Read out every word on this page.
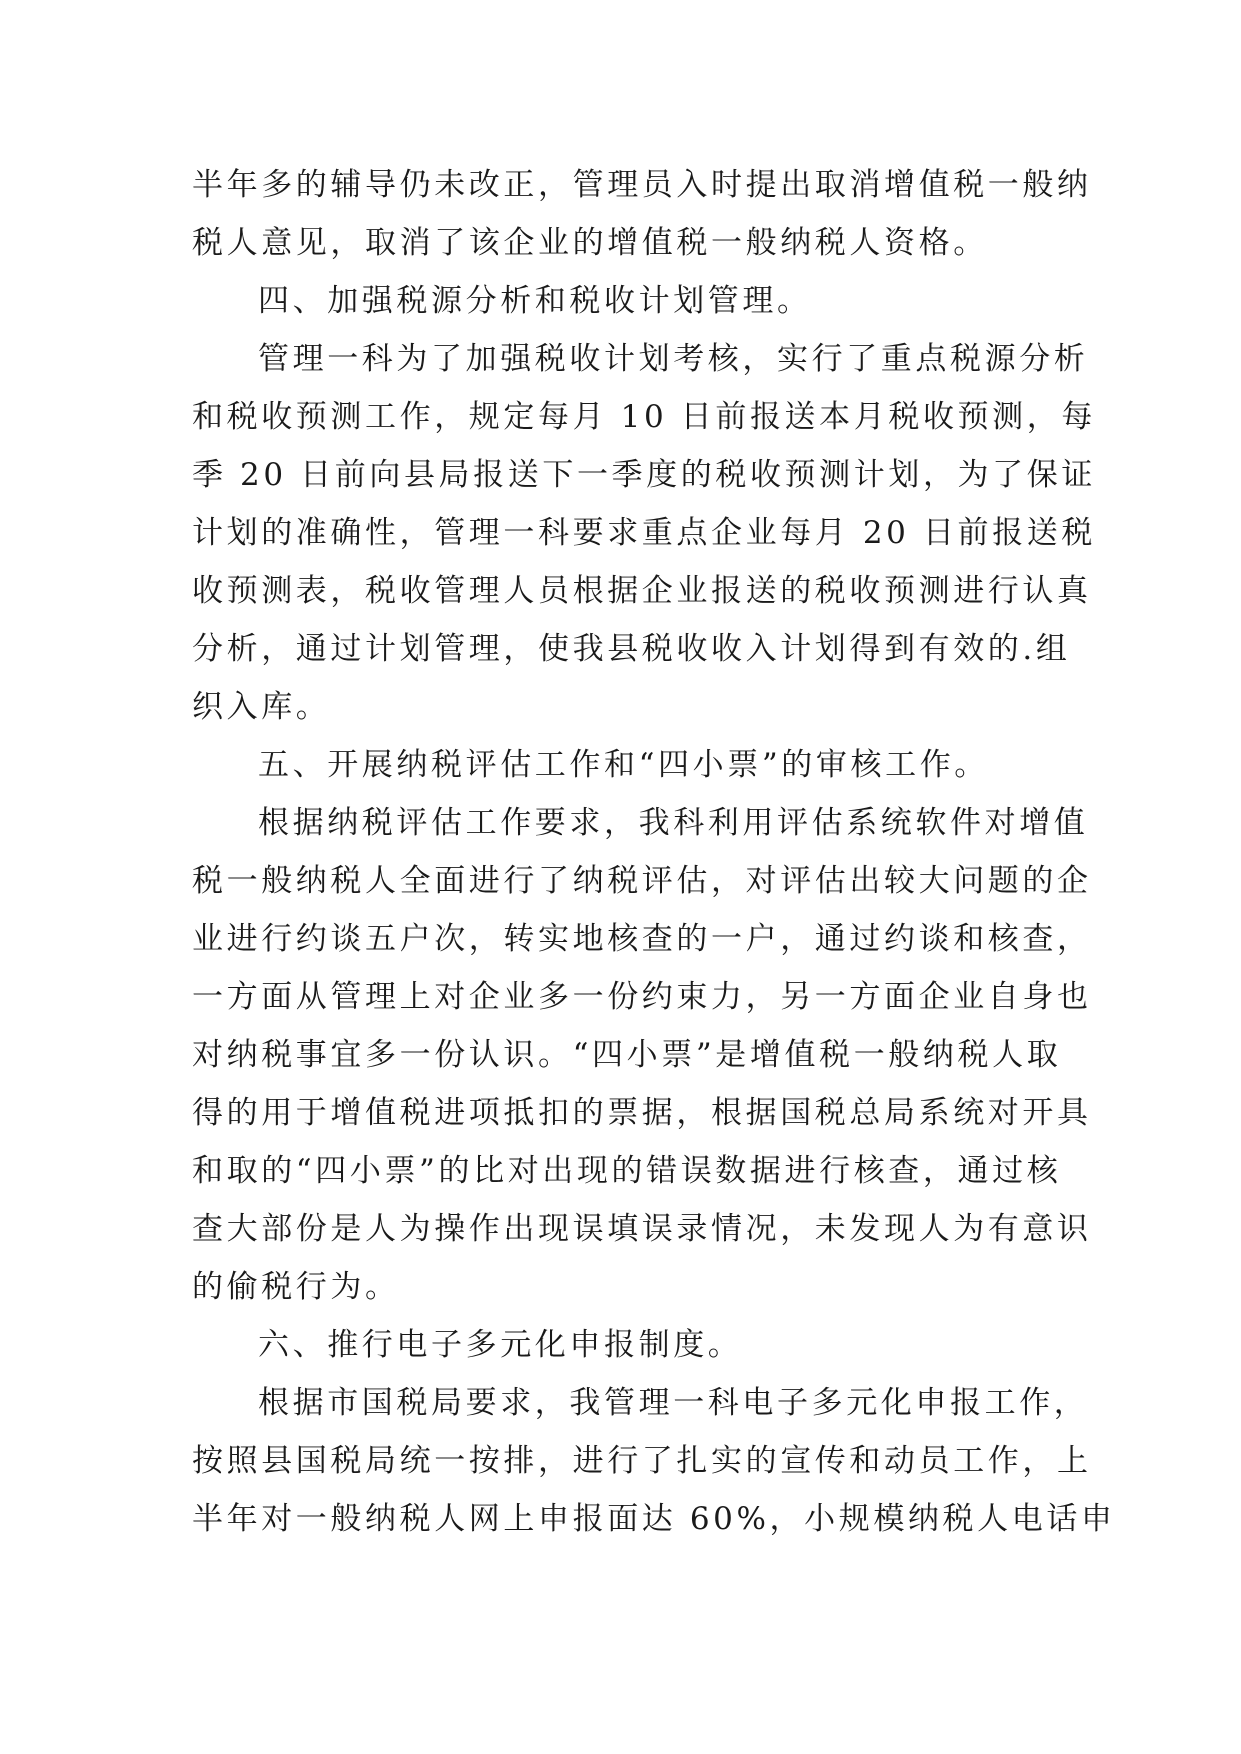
半年多的辅导仍未改正，管理员入时提出取消增值税一般纳
税人意见，取消了该企业的增值税一般纳税人资格。
四、加强税源分析和税收计划管理。
管理一科为了加强税收计划考核，实行了重点税源分析
和税收预测工作，规定每月 10 日前报送本月税收预测，每
季 20 日前向县局报送下一季度的税收预测计划，为了保证
计划的准确性，管理一科要求重点企业每月 20 日前报送税
收预测表，税收管理人员根据企业报送的税收预测进行认真
分析，通过计划管理，使我县税收收入计划得到有效的.组
织入库。
五、开展纳税评估工作和“四小票”的审核工作。
根据纳税评估工作要求，我科利用评估系统软件对增值
税一般纳税人全面进行了纳税评估，对评估出较大问题的企
业进行约谈五户次，转实地核查的一户，通过约谈和核查，
一方面从管理上对企业多一份约束力，另一方面企业自身也
对纳税事宜多一份认识。“四小票”是增值税一般纳税人取
得的用于增值税进项抵扣的票据，根据国税总局系统对开具
和取的“四小票”的比对出现的错误数据进行核查，通过核
查大部份是人为操作出现误填误录情况，未发现人为有意识
的偷税行为。
六、推行电子多元化申报制度。
根据市国税局要求，我管理一科电子多元化申报工作，
按照县国税局统一按排，进行了扎实的宣传和动员工作，上
半年对一般纳税人网上申报面达 60%，小规模纳税人电话申
